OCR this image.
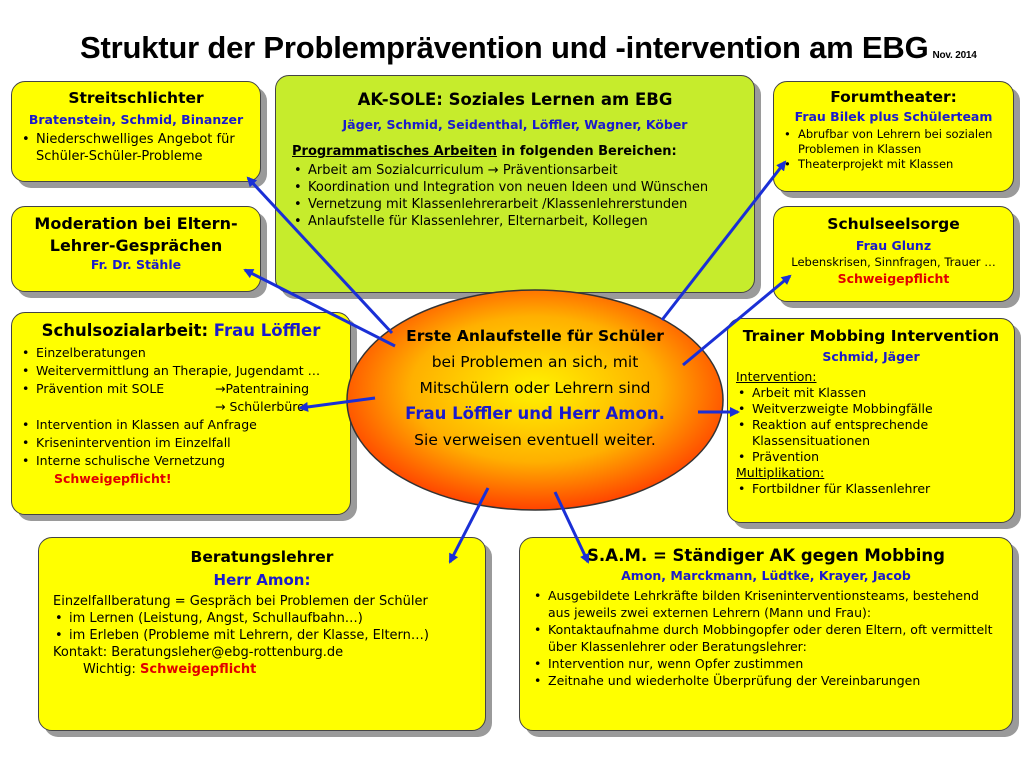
Struktur der Problemprävention und -intervention am EBG Nov. 2014
Streitschlichter
Bratenstein, Schmid, Binanzer
• Niederschwelliges Angebot für Schüler-Schüler-Probleme
Moderation bei Eltern-
Lehrer-Gesprächen
Fr. Dr. Stähle
AK-SOLE: Soziales Lernen am EBG
Jäger, Schmid, Seidenthal, Löffler, Wagner, Köber
Programmatisches Arbeiten in folgenden Bereichen:
• Arbeit am Sozialcurriculum → Präventionsarbeit
• Koordination und Integration von neuen Ideen und Wünschen
• Vernetzung mit Klassenlehrerarbeit /Klassenlehrerstunden
• Anlaufstelle für Klassenlehrer, Elternarbeit, Kollegen
Forumtheater:
Frau Bilek plus Schülerteam
• Abrufbar von Lehrern bei sozialen Problemen in Klassen
• Theaterprojekt mit Klassen
Schulseelsorge
Frau Glunz
Lebenskrisen, Sinnfragen, Trauer …
Schweigepflicht
Schulsozialarbeit: Frau Löffler
• Einzelberatungen
• Weitervermittlung an Therapie, Jugendamt …
• Prävention mit SOLE	→Patentraining
→ Schülerbüro
• Intervention in Klassen auf Anfrage
• Krisenintervention im Einzelfall
• Interne schulische Vernetzung
Schweigepflicht!
Erste Anlaufstelle für Schüler
bei Problemen an sich, mit
Mitschülern oder Lehrern sind
Frau Löffler und Herr Amon.
Sie verweisen eventuell weiter.
Trainer Mobbing Intervention
Schmid, Jäger
Intervention:
• Arbeit mit Klassen
• Weitverzweigte Mobbingfälle
• Reaktion auf entsprechende Klassensituationen
• Prävention
Multiplikation:
• Fortbildner für Klassenlehrer
Beratungslehrer
Herr Amon:
Einzelfallberatung = Gespräch bei Problemen der Schüler
• im Lernen (Leistung, Angst, Schullaufbahn…)
• im Erleben (Probleme mit Lehrern, der Klasse, Eltern…)
Kontakt: Beratungsleher@ebg-rottenburg.de
Wichtig: Schweigepflicht
S.A.M. = Ständiger AK gegen Mobbing
Amon, Marckmann, Lüdtke, Krayer, Jacob
• Ausgebildete Lehrkräfte bilden Kriseninterventionsteams, bestehend aus jeweils zwei externen Lehrern (Mann und Frau):
• Kontaktaufnahme durch Mobbingopfer oder deren Eltern, oft vermittelt über Klassenlehrer oder Beratungslehrer:
• Intervention nur, wenn Opfer zustimmen
• Zeitnahe und wiederholte Überprüfung der Vereinbarungen
